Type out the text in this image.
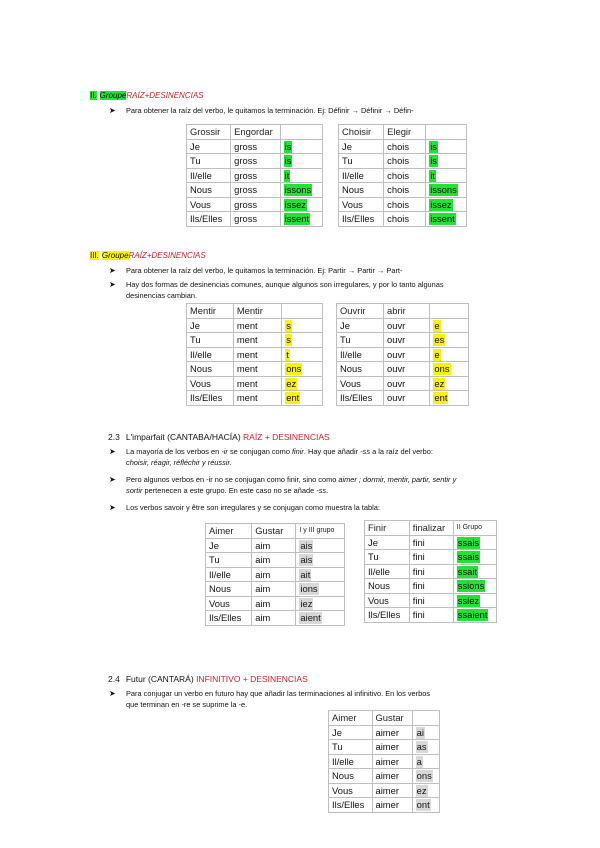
II. GroupeRAÍZ+DESINENCIAS
➤ Para obtener la raíz del verbo, le quitamos la terminación. Ej: Définir → Définir → Défin-
Grossir	Engordar	
Je	gross	is
Tu	gross	is
Il/elle	gross	it
Nous	gross	issons
Vous	gross	issez
Ils/Elles	gross	issent
Choisir	Elegir	
Je	chois	is
Tu	chois	is
Il/elle	chois	it
Nous	chois	issons
Vous	chois	issez
Ils/Elles	chois	issent
III. GroupeRAÍZ+DESINENCIAS
➤ Para obtener la raíz del verbo, le quitamos la terminación. Ej: Partir → Partir → Part-
➤ Hay dos formas de desinencias comunes, aunque algunos son irregulares, y por lo tanto algunas
desinencias cambian.
Mentir	Mentir	
Je	ment	s
Tu	ment	s
Il/elle	ment	t
Nous	ment	ons
Vous	ment	ez
Ils/Elles	ment	ent
Ouvrir	abrir	
Je	ouvr	e
Tu	ouvr	es
Il/elle	ouvr	e
Nous	ouvr	ons
Vous	ouvr	ez
Ils/Elles	ouvr	ent
2.3 L'imparfait (CANTABA/HACÍA) RAÍZ + DESINENCIAS
➤ La mayoría de los verbos en -ir se conjugan como finir. Hay que añadir -ss a la raíz del verbo:
choisir, réagir, réfléchir y réussir.
➤ Pero algunos verbos en -ir no se conjugan como finir, sino como aimer ; dormir, mentir, partir, sentir y
sortir pertenecen a este grupo. En este caso no se añade -ss.
➤ Los verbos savoir y être son irregulares y se conjugan como muestra la tabla:
Aimer	Gustar	I y III grupo
Je	aim	ais
Tu	aim	ais
Il/elle	aim	ait
Nous	aim	ions
Vous	aim	iez
Ils/Elles	aim	aient
Finir	finalizar	II Grupo
Je	fini	ssais
Tu	fini	ssais
Il/elle	fini	ssait
Nous	fini	ssions
Vous	fini	ssiez
Ils/Elles	fini	ssaient
2.4 Futur (CANTARÁ) INFINITIVO + DESINENCIAS
➤ Para conjugar un verbo en futuro hay que añadir las terminaciones al infinitivo. En los verbos
que terminan en -re se suprime la -e.
Aimer	Gustar	
Je	aimer	ai
Tu	aimer	as
Il/elle	aimer	a
Nous	aimer	ons
Vous	aimer	ez
Ils/Elles	aimer	ont
